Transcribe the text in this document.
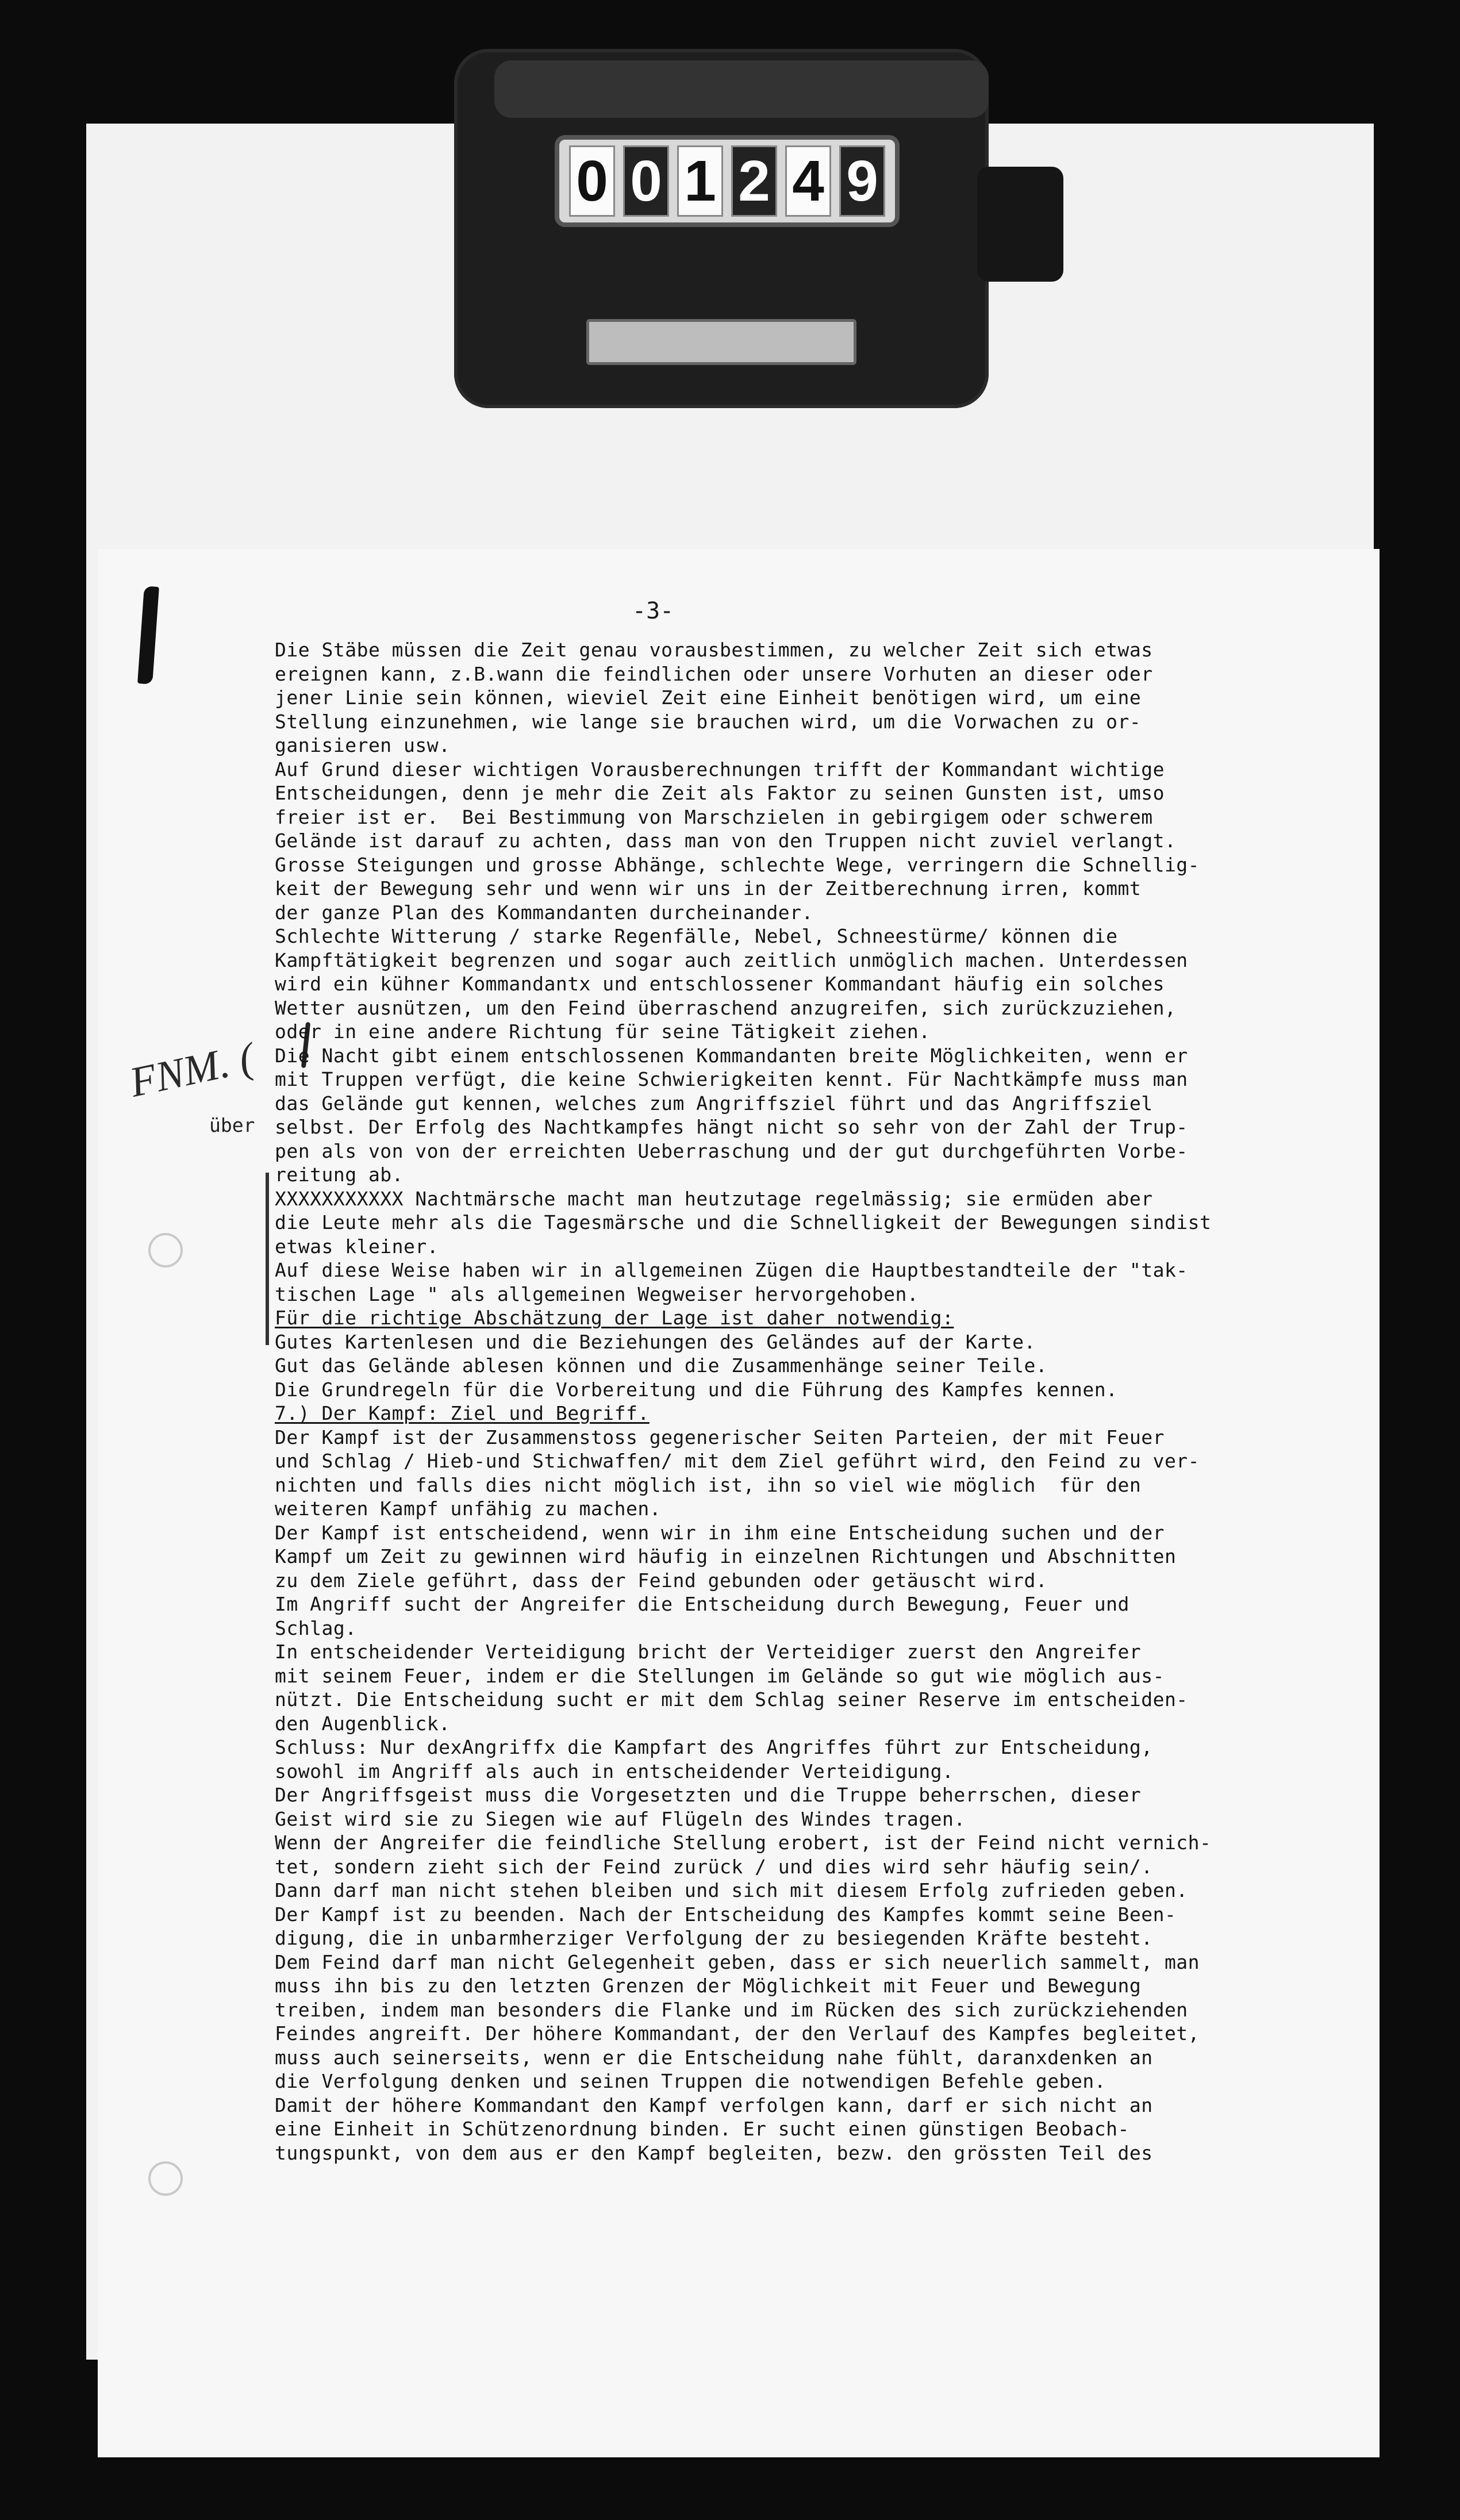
0 0 1 2 4 9
-3-
FNM. (
über
Die Stäbe müssen die Zeit genau vorausbestimmen, zu welcher Zeit sich etwas
ereignen kann, z.B.wann die feindlichen oder unsere Vorhuten an dieser oder
jener Linie sein können, wieviel Zeit eine Einheit benötigen wird, um eine
Stellung einzunehmen, wie lange sie brauchen wird, um die Vorwachen zu or-
ganisieren usw.
Auf Grund dieser wichtigen Vorausberechnungen trifft der Kommandant wichtige
Entscheidungen, denn je mehr die Zeit als Faktor zu seinen Gunsten ist, umso
freier ist er.  Bei Bestimmung von Marschzielen in gebirgigem oder schwerem
Gelände ist darauf zu achten, dass man von den Truppen nicht zuviel verlangt.
Grosse Steigungen und grosse Abhänge, schlechte Wege, verringern die Schnellig-
keit der Bewegung sehr und wenn wir uns in der Zeitberechnung irren, kommt
der ganze Plan des Kommandanten durcheinander.
Schlechte Witterung / starke Regenfälle, Nebel, Schneestürme/ können die
Kampftätigkeit begrenzen und sogar auch zeitlich unmöglich machen. Unterdessen
wird ein kühner Kommandantx und entschlossener Kommandant häufig ein solches
Wetter ausnützen, um den Feind überraschend anzugreifen, sich zurückzuziehen,
oder in eine andere Richtung für seine Tätigkeit ziehen.
Die Nacht gibt einem entschlossenen Kommandanten breite Möglichkeiten, wenn er
mit Truppen verfügt, die keine Schwierigkeiten kennt. Für Nachtkämpfe muss man
das Gelände gut kennen, welches zum Angriffsziel führt und das Angriffsziel
selbst. Der Erfolg des Nachtkampfes hängt nicht so sehr von der Zahl der Trup-
pen als von von der erreichten Ueberraschung und der gut durchgeführten Vorbe-
reitung ab.
XXXXXXXXXXX Nachtmärsche macht man heutzutage regelmässig; sie ermüden aber
die Leute mehr als die Tagesmärsche und die Schnelligkeit der Bewegungen sindist
etwas kleiner.
Auf diese Weise haben wir in allgemeinen Zügen die Hauptbestandteile der "tak-
tischen Lage " als allgemeinen Wegweiser hervorgehoben.
Für die richtige Abschätzung der Lage ist daher notwendig:
Gutes Kartenlesen und die Beziehungen des Geländes auf der Karte.
Gut das Gelände ablesen können und die Zusammenhänge seiner Teile.
Die Grundregeln für die Vorbereitung und die Führung des Kampfes kennen.
7.) Der Kampf: Ziel und Begriff.
Der Kampf ist der Zusammenstoss gegenerischer Seiten Parteien, der mit Feuer
und Schlag / Hieb-und Stichwaffen/ mit dem Ziel geführt wird, den Feind zu ver-
nichten und falls dies nicht möglich ist, ihn so viel wie möglich  für den
weiteren Kampf unfähig zu machen.
Der Kampf ist entscheidend, wenn wir in ihm eine Entscheidung suchen und der
Kampf um Zeit zu gewinnen wird häufig in einzelnen Richtungen und Abschnitten
zu dem Ziele geführt, dass der Feind gebunden oder getäuscht wird.
Im Angriff sucht der Angreifer die Entscheidung durch Bewegung, Feuer und
Schlag.
In entscheidender Verteidigung bricht der Verteidiger zuerst den Angreifer
mit seinem Feuer, indem er die Stellungen im Gelände so gut wie möglich aus-
nützt. Die Entscheidung sucht er mit dem Schlag seiner Reserve im entscheiden-
den Augenblick.
Schluss: Nur dexAngriffx die Kampfart des Angriffes führt zur Entscheidung,
sowohl im Angriff als auch in entscheidender Verteidigung.
Der Angriffsgeist muss die Vorgesetzten und die Truppe beherrschen, dieser
Geist wird sie zu Siegen wie auf Flügeln des Windes tragen.
Wenn der Angreifer die feindliche Stellung erobert, ist der Feind nicht vernich-
tet, sondern zieht sich der Feind zurück / und dies wird sehr häufig sein/.
Dann darf man nicht stehen bleiben und sich mit diesem Erfolg zufrieden geben.
Der Kampf ist zu beenden. Nach der Entscheidung des Kampfes kommt seine Been-
digung, die in unbarmherziger Verfolgung der zu besiegenden Kräfte besteht.
Dem Feind darf man nicht Gelegenheit geben, dass er sich neuerlich sammelt, man
muss ihn bis zu den letzten Grenzen der Möglichkeit mit Feuer und Bewegung
treiben, indem man besonders die Flanke und im Rücken des sich zurückziehenden
Feindes angreift. Der höhere Kommandant, der den Verlauf des Kampfes begleitet,
muss auch seinerseits, wenn er die Entscheidung nahe fühlt, daranxdenken an
die Verfolgung denken und seinen Truppen die notwendigen Befehle geben.
Damit der höhere Kommandant den Kampf verfolgen kann, darf er sich nicht an
eine Einheit in Schützenordnung binden. Er sucht einen günstigen Beobach-
tungspunkt, von dem aus er den Kampf begleiten, bezw. den grössten Teil des
